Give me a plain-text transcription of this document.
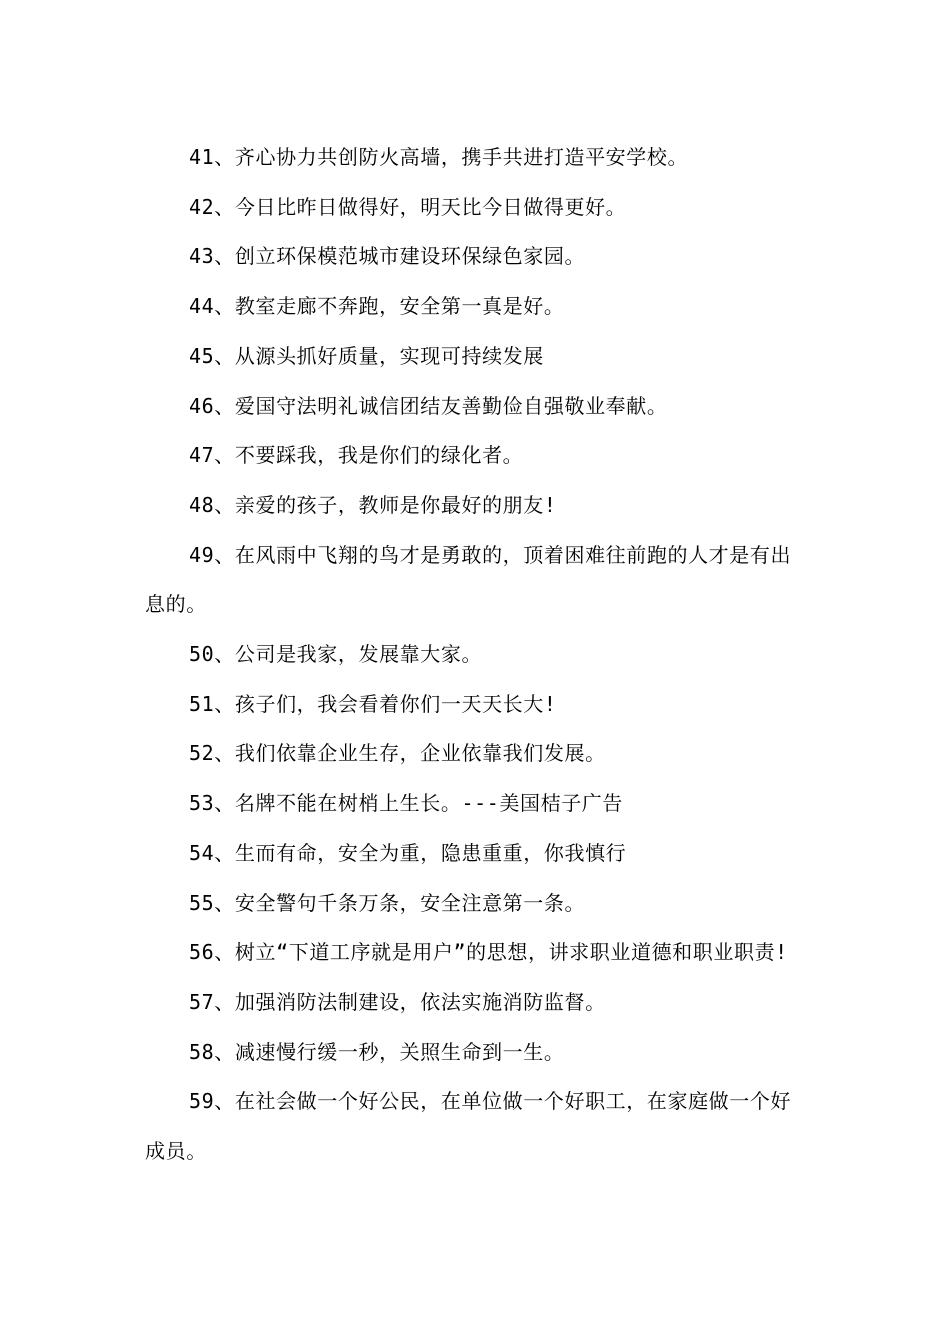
41、齐心协力共创防火高墙，携手共进打造平安学校。

42、今日比昨日做得好，明天比今日做得更好。

43、创立环保模范城市建设环保绿色家园。

44、教室走廊不奔跑，安全第一真是好。

45、从源头抓好质量，实现可持续发展

46、爱国守法明礼诚信团结友善勤俭自强敬业奉献。

47、不要踩我，我是你们的绿化者。

48、亲爱的孩子，教师是你最好的朋友!

49、在风雨中飞翔的鸟才是勇敢的，顶着困难往前跑的人才是有出息的。

50、公司是我家，发展靠大家。

51、孩子们，我会看着你们一天天长大!

52、我们依靠企业生存，企业依靠我们发展。

53、名牌不能在树梢上生长。---美国桔子广告

54、生而有命，安全为重，隐患重重，你我慎行

55、安全警句千条万条，安全注意第一条。

56、树立“下道工序就是用户”的思想，讲求职业道德和职业职责!

57、加强消防法制建设，依法实施消防监督。

58、减速慢行缓一秒，关照生命到一生。

59、在社会做一个好公民，在单位做一个好职工，在家庭做一个好成员。
